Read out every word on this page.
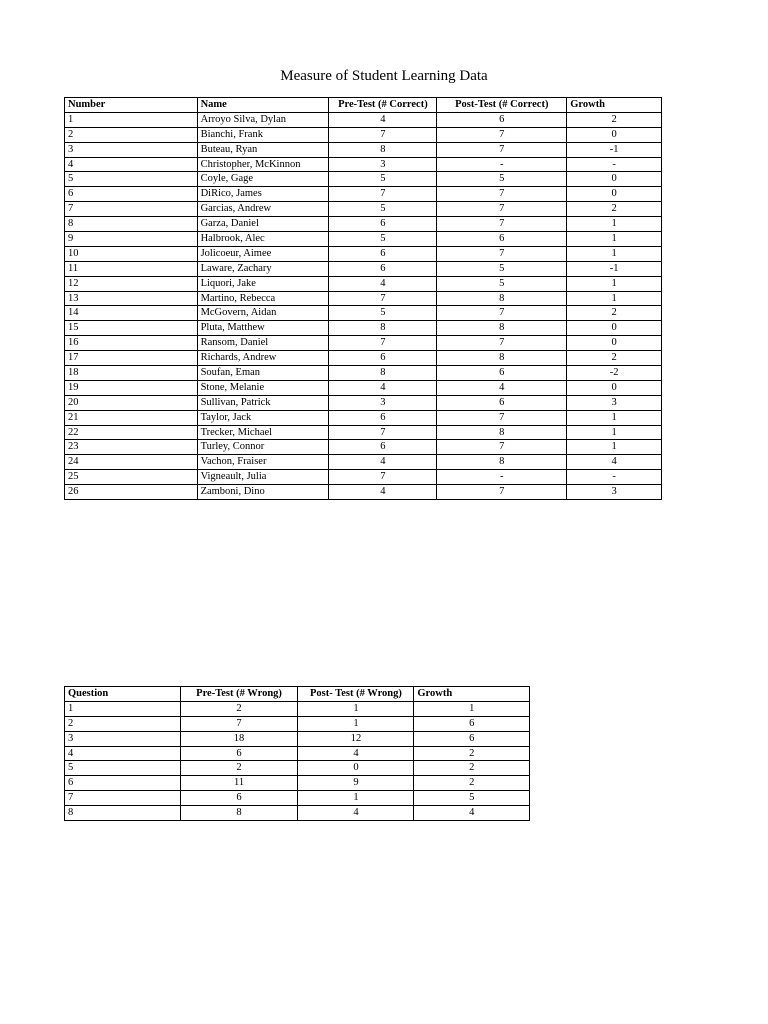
Measure of Student Learning Data
Number	Name	Pre-Test (# Correct)	Post-Test (# Correct)	Growth
1	Arroyo Silva, Dylan	4	6	2
2	Bianchi, Frank	7	7	0
3	Buteau, Ryan	8	7	-1
4	Christopher, McKinnon	3	-	-
5	Coyle, Gage	5	5	0
6	DiRico, James	7	7	0
7	Garcias, Andrew	5	7	2
8	Garza, Daniel	6	7	1
9	Halbrook, Alec	5	6	1
10	Jolicoeur, Aimee	6	7	1
11	Laware, Zachary	6	5	-1
12	Liquori, Jake	4	5	1
13	Martino, Rebecca	7	8	1
14	McGovern, Aidan	5	7	2
15	Pluta, Matthew	8	8	0
16	Ransom, Daniel	7	7	0
17	Richards, Andrew	6	8	2
18	Soufan, Eman	8	6	-2
19	Stone, Melanie	4	4	0
20	Sullivan, Patrick	3	6	3
21	Taylor, Jack	6	7	1
22	Trecker, Michael	7	8	1
23	Turley, Connor	6	7	1
24	Vachon, Fraiser	4	8	4
25	Vigneault, Julia	7	-	-
26	Zamboni, Dino	4	7	3
Question	Pre-Test (# Wrong)	Post- Test (# Wrong)	Growth
1	2	1	1
2	7	1	6
3	18	12	6
4	6	4	2
5	2	0	2
6	11	9	2
7	6	1	5
8	8	4	4
